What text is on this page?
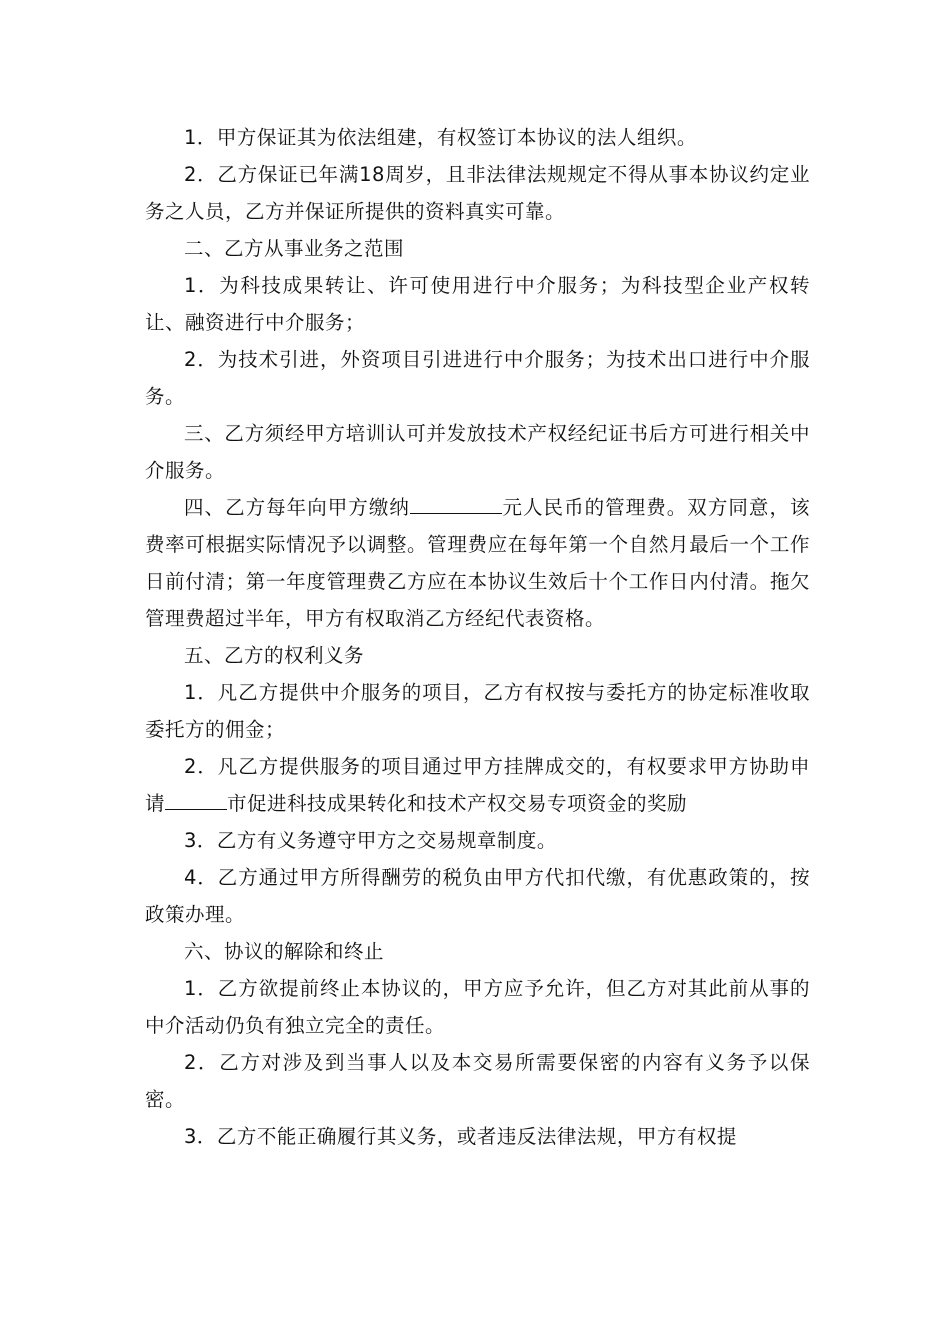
1．甲方保证其为依法组建，有权签订本协议的法人组织。

2．乙方保证已年满18周岁，且非法律法规规定不得从事本协议约定业务之人员，乙方并保证所提供的资料真实可靠。

二、乙方从事业务之范围

1．为科技成果转让、许可使用进行中介服务；为科技型企业产权转让、融资进行中介服务；

2．为技术引进，外资项目引进进行中介服务；为技术出口进行中介服务。

三、乙方须经甲方培训认可并发放技术产权经纪证书后方可进行相关中介服务。

四、乙方每年向甲方缴纳	元人民币的管理费。双方同意，该费率可根据实际情况予以调整。管理费应在每年第一个自然月最后一个工作日前付清；第一年度管理费乙方应在本协议生效后十个工作日内付清。拖欠管理费超过半年，甲方有权取消乙方经纪代表资格。

五、乙方的权利义务

1．凡乙方提供中介服务的项目，乙方有权按与委托方的协定标准收取委托方的佣金；

2．凡乙方提供服务的项目通过甲方挂牌成交的，有权要求甲方协助申请	市促进科技成果转化和技术产权交易专项资金的奖励

3．乙方有义务遵守甲方之交易规章制度。

4．乙方通过甲方所得酬劳的税负由甲方代扣代缴，有优惠政策的，按政策办理。

六、协议的解除和终止

1．乙方欲提前终止本协议的，甲方应予允许，但乙方对其此前从事的中介活动仍负有独立完全的责任。

2．乙方对涉及到当事人以及本交易所需要保密的内容有义务予以保密。

3．乙方不能正确履行其义务，或者违反法律法规，甲方有权提
